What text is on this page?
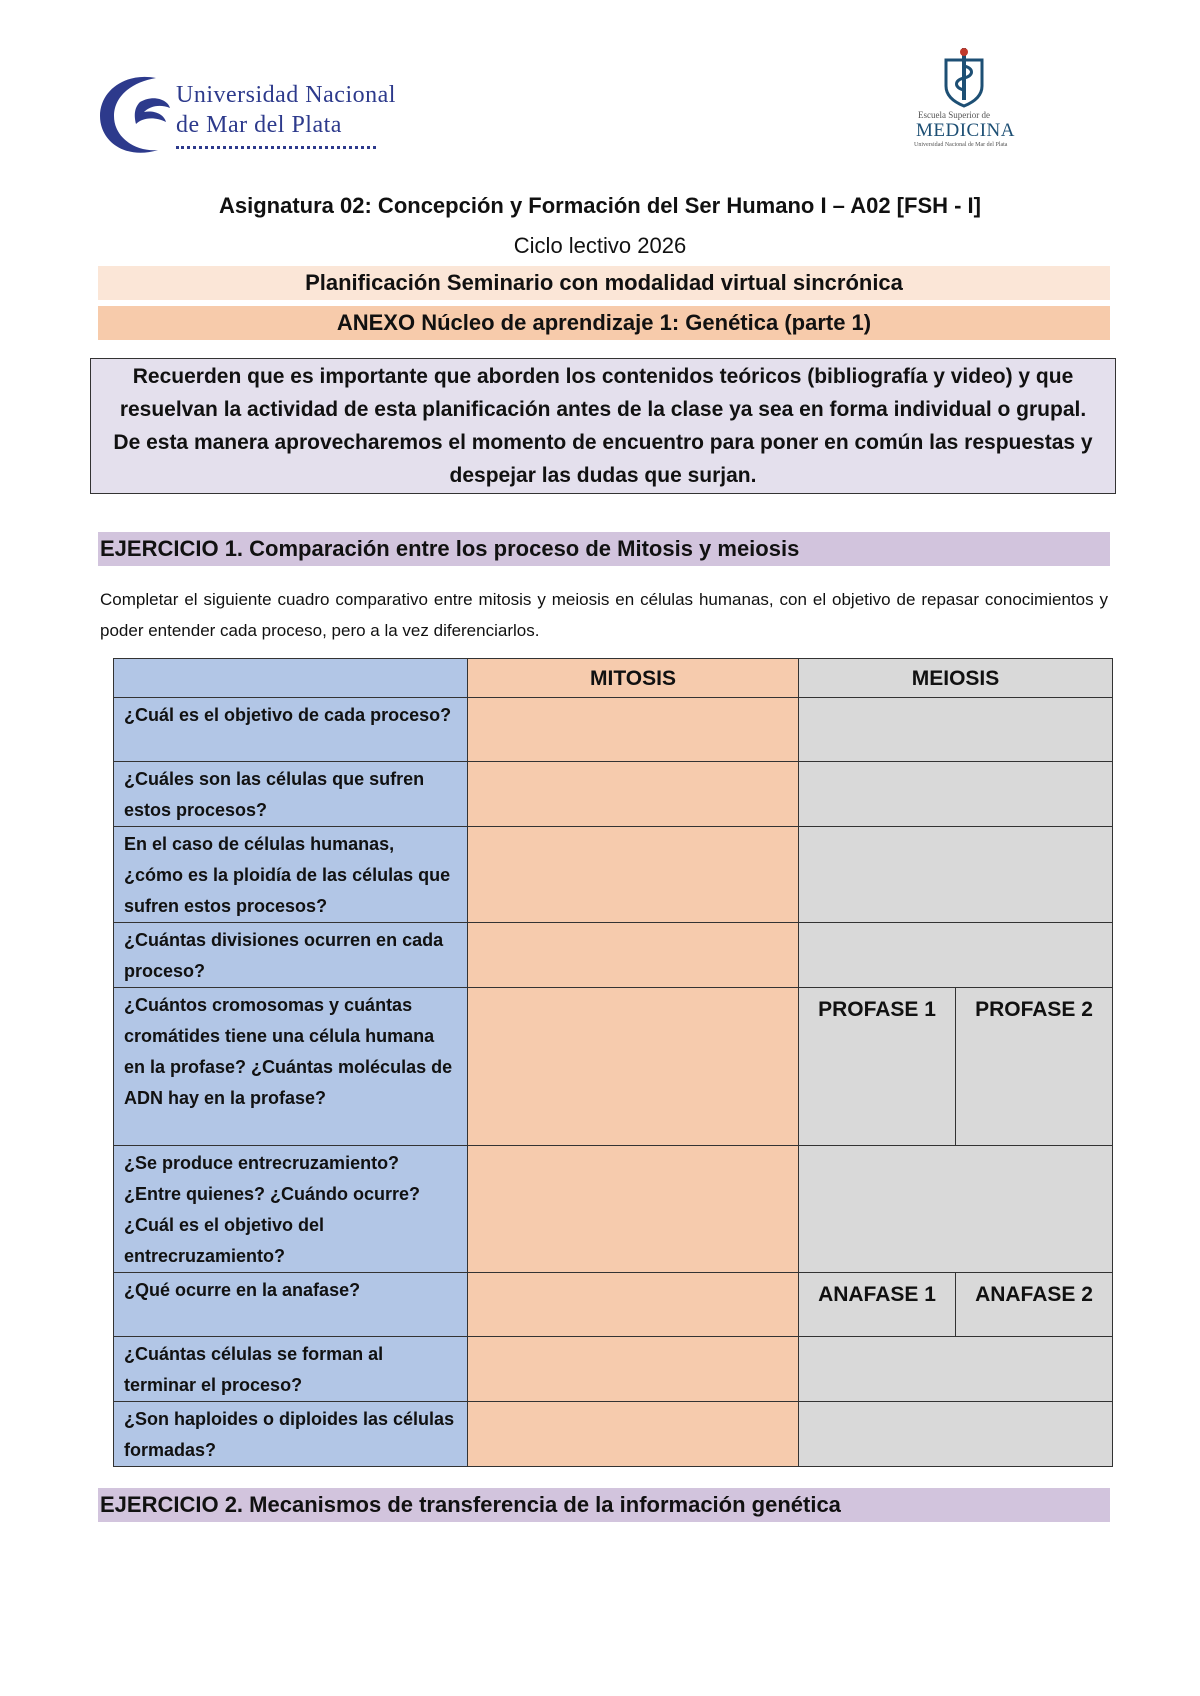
Universidad Nacional
de Mar del Plata	Escuela Superior de
MEDICINA
Universidad Nacional de Mar del Plata
Asignatura 02: Concepción y Formación del Ser Humano I – A02 [FSH - I]
Ciclo lectivo 2026
Planificación Seminario con modalidad virtual sincrónica
ANEXO Núcleo de aprendizaje 1: Genética (parte 1)
Recuerden que es importante que aborden los contenidos teóricos (bibliografía y video) y que resuelvan la actividad de esta planificación antes de la clase ya sea en forma individual o grupal. De esta manera aprovecharemos el momento de encuentro para poner en común las respuestas y despejar las dudas que surjan.
EJERCICIO 1. Comparación entre los proceso de Mitosis y meiosis
Completar el siguiente cuadro comparativo entre mitosis y meiosis en células humanas, con el objetivo de repasar conocimientos y poder entender cada proceso, pero a la vez diferenciarlos.
	MITOSIS	MEIOSIS
¿Cuál es el objetivo de cada proceso?		
¿Cuáles son las células que sufren estos procesos?		
En el caso de células humanas, ¿cómo es la ploidía de las células que sufren estos procesos?		
¿Cuántas divisiones ocurren en cada proceso?		
¿Cuántos cromosomas y cuántas cromátides tiene una célula humana en la profase? ¿Cuántas moléculas de ADN hay en la profase?		PROFASE 1 PROFASE 2

¿Se produce entrecruzamiento? ¿Entre quienes? ¿Cuándo ocurre? ¿Cuál es el objetivo del entrecruzamiento?		
¿Qué ocurre en la anafase?		ANAFASE 1 ANAFASE 2

¿Cuántas células se forman al terminar el proceso?		
¿Son haploides o diploides las células formadas?		
EJERCICIO 2. Mecanismos de transferencia de la información genética
